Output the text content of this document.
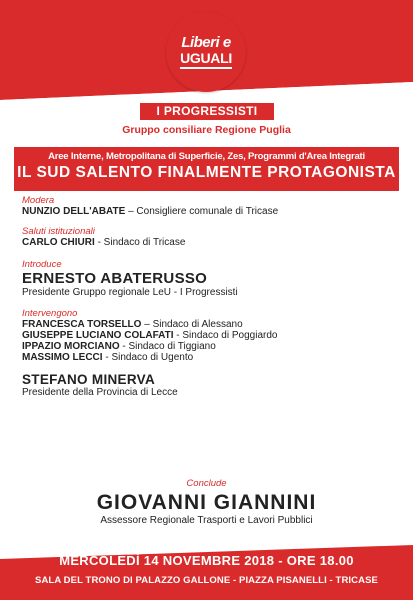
Liberi e
UGUALI
I PROGRESSISTI
Gruppo consiliare Regione Puglia
Aree Interne, Metropolitana di Superficie, Zes, Programmi d'Area Integrati
IL SUD SALENTO FINALMENTE PROTAGONISTA
Modera
NUNZIO DELL'ABATE – Consigliere comunale di Tricase
Saluti istituzionali
CARLO CHIURI - Sindaco di Tricase
Introduce
ERNESTO ABATERUSSO
Presidente Gruppo regionale LeU - I Progressisti
Intervengono
FRANCESCA TORSELLO – Sindaco di Alessano
GIUSEPPE LUCIANO COLAFATI - Sindaco di Poggiardo
IPPAZIO MORCIANO - Sindaco di Tiggiano
MASSIMO LECCI - Sindaco di Ugento
STEFANO MINERVA
Presidente della Provincia di Lecce
Conclude
GIOVANNI GIANNINI
Assessore Regionale Trasporti e Lavori Pubblici
MERCOLEDÌ 14 NOVEMBRE 2018 - ORE 18.00
SALA DEL TRONO DI PALAZZO GALLONE - PIAZZA PISANELLI - TRICASE
